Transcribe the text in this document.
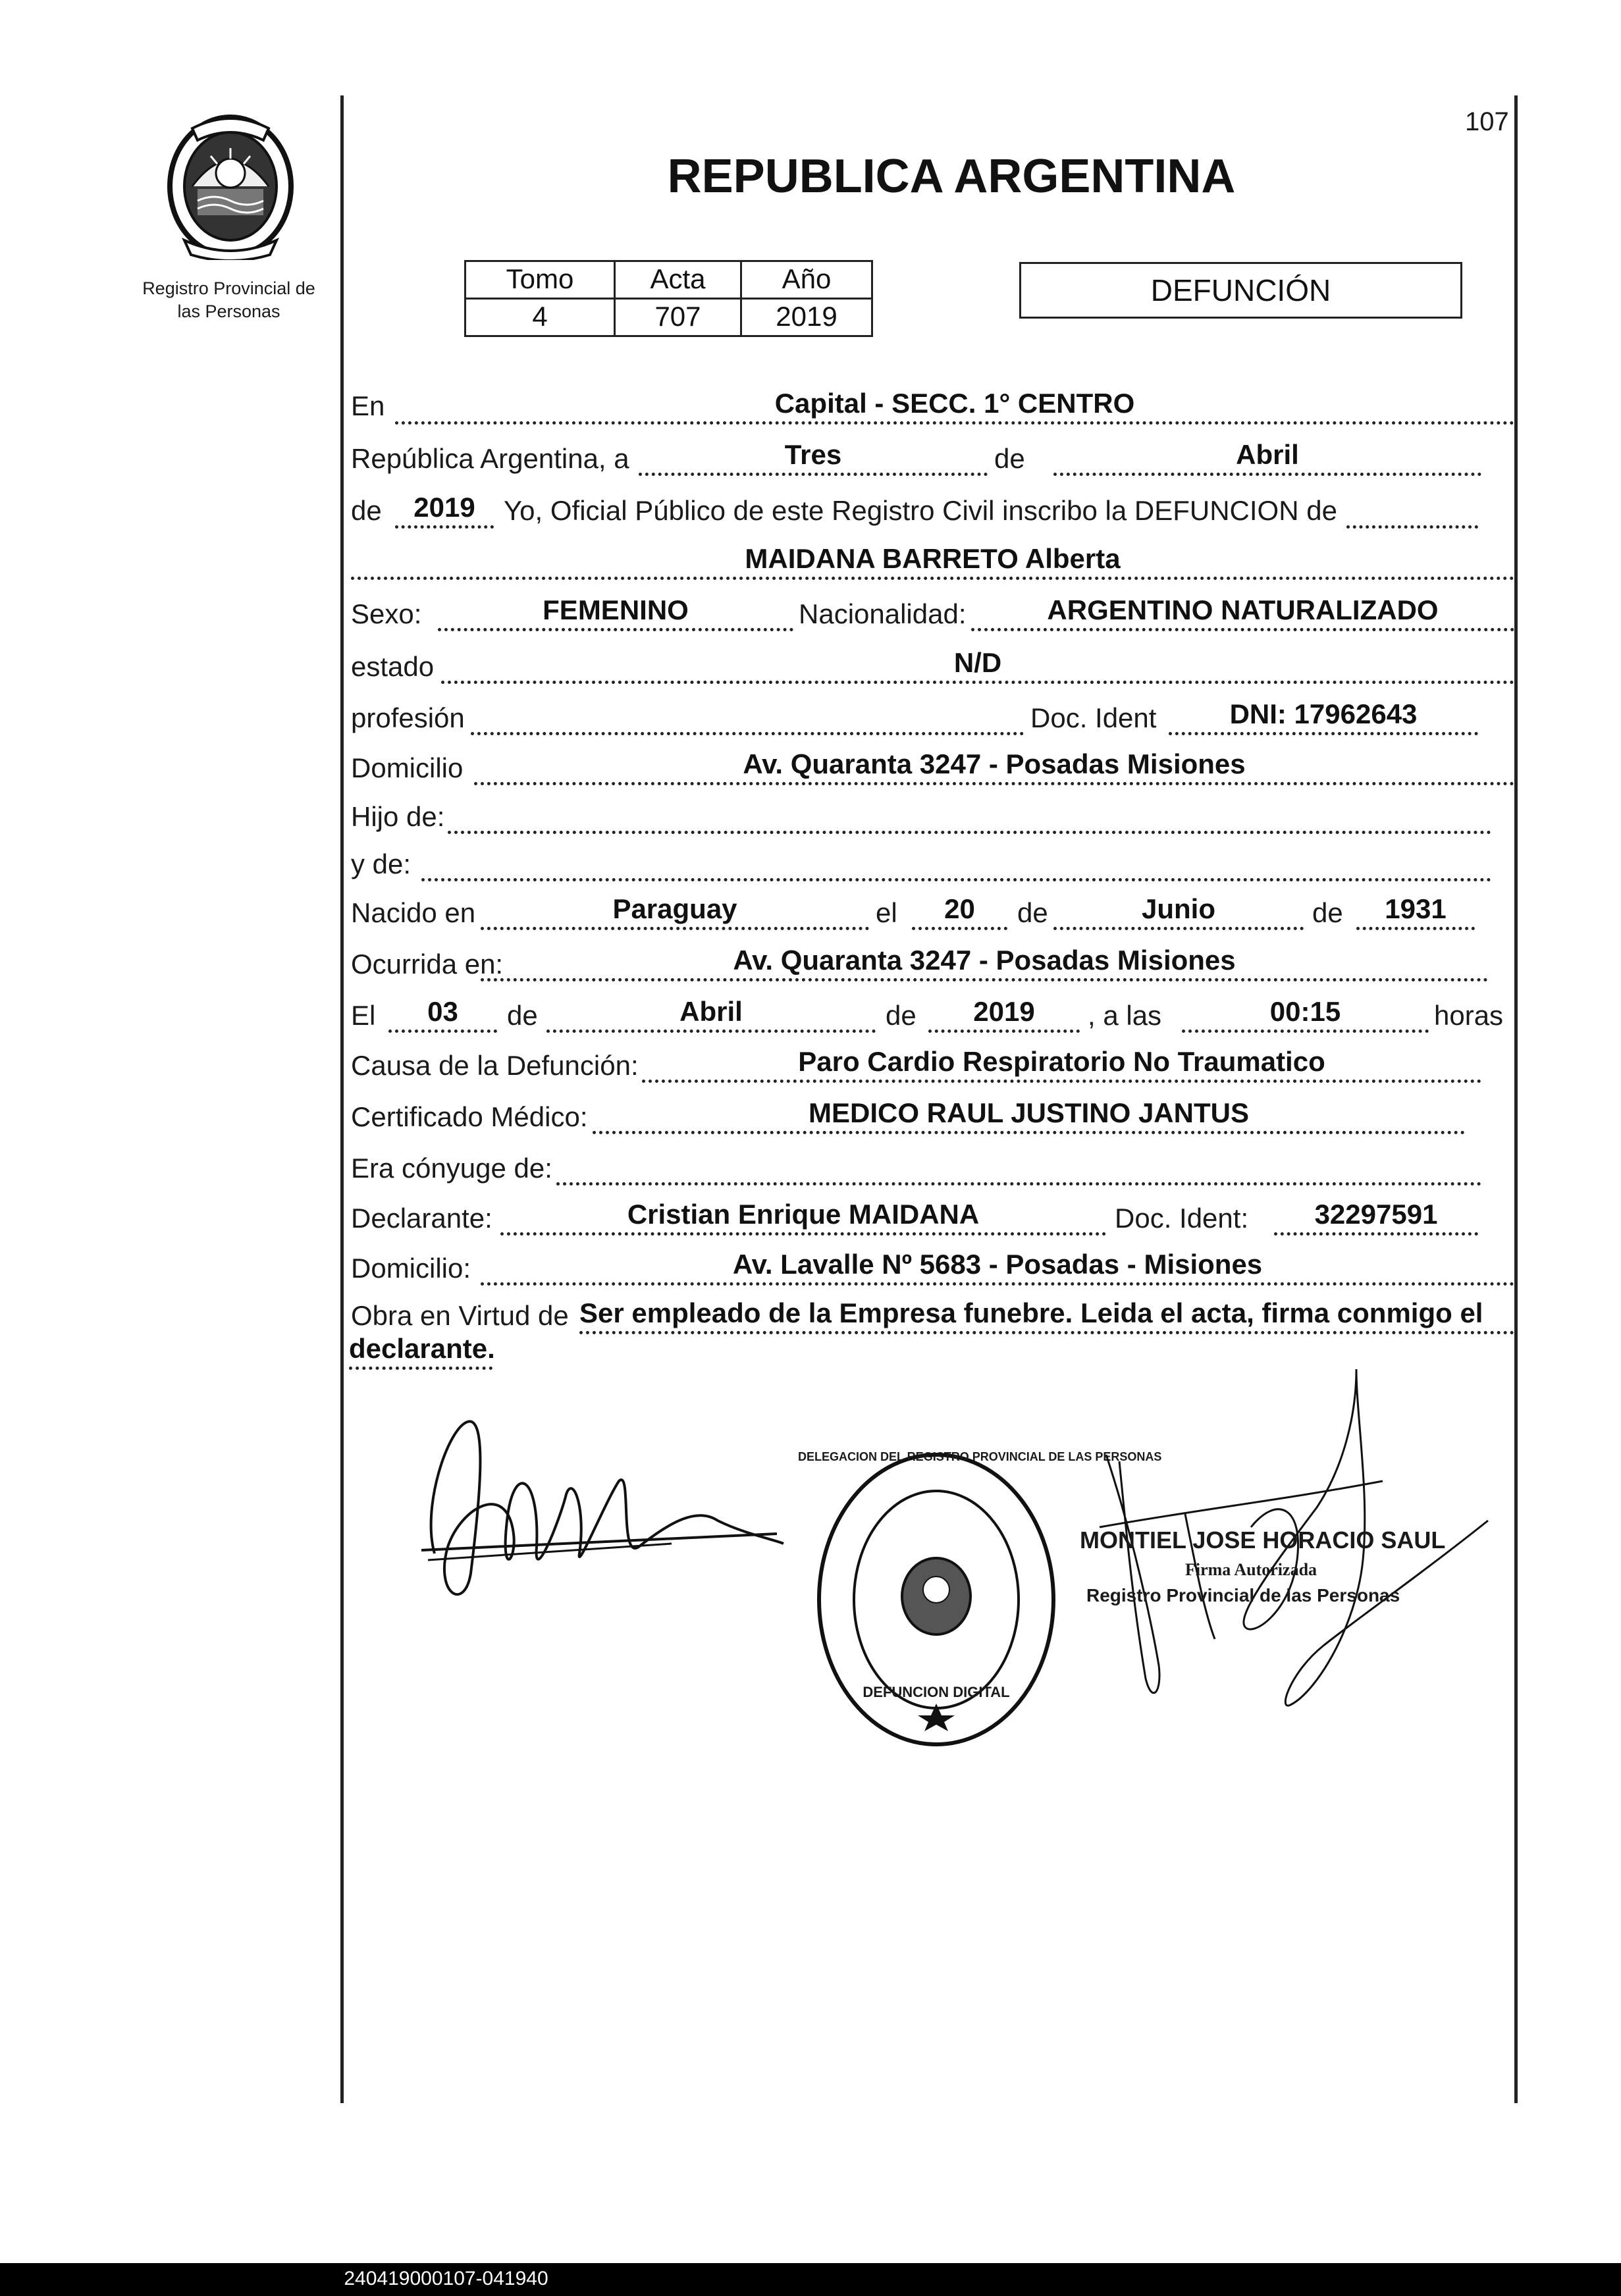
107
Registro Provincial de
las Personas
REPUBLICA ARGENTINA
Tomo	Acta	Año
4	707	2019
DEFUNCIÓN
En	Capital - SECC. 1° CENTRO
República Argentina, a	Tres	de	Abril
de	2019	Yo, Oficial Público de este Registro Civil inscribo la DEFUNCION de
MAIDANA BARRETO Alberta
Sexo:	FEMENINO	Nacionalidad:	ARGENTINO NATURALIZADO
estado	N/D
profesión	Doc. Ident	DNI: 17962643
Domicilio	Av. Quaranta 3247 - Posadas Misiones
Hijo de:
y de:
Nacido en	Paraguay	el	20	de	Junio	de	1931
Ocurrida en:	Av. Quaranta 3247 - Posadas Misiones
El	03	de	Abril	de	2019	, a las	00:15	horas
Causa de la Defunción:	Paro Cardio Respiratorio No Traumatico
Certificado Médico:	MEDICO RAUL JUSTINO JANTUS
Era cónyuge de:
Declarante:	Cristian Enrique MAIDANA	Doc. Ident:	32297591
Domicilio:	Av. Lavalle Nº 5683 - Posadas - Misiones
Obra en Virtud de Ser empleado de la Empresa funebre. Leida el acta, firma conmigo el
declarante.
DELEGACION DEL REGISTRO PROVINCIAL DE LAS PERSONAS
DEFUNCION DIGITAL
MONTIEL JOSE HORACIO SAUL
Firma Autorizada
Registro Provincial de las Personas
240419000107-041940
